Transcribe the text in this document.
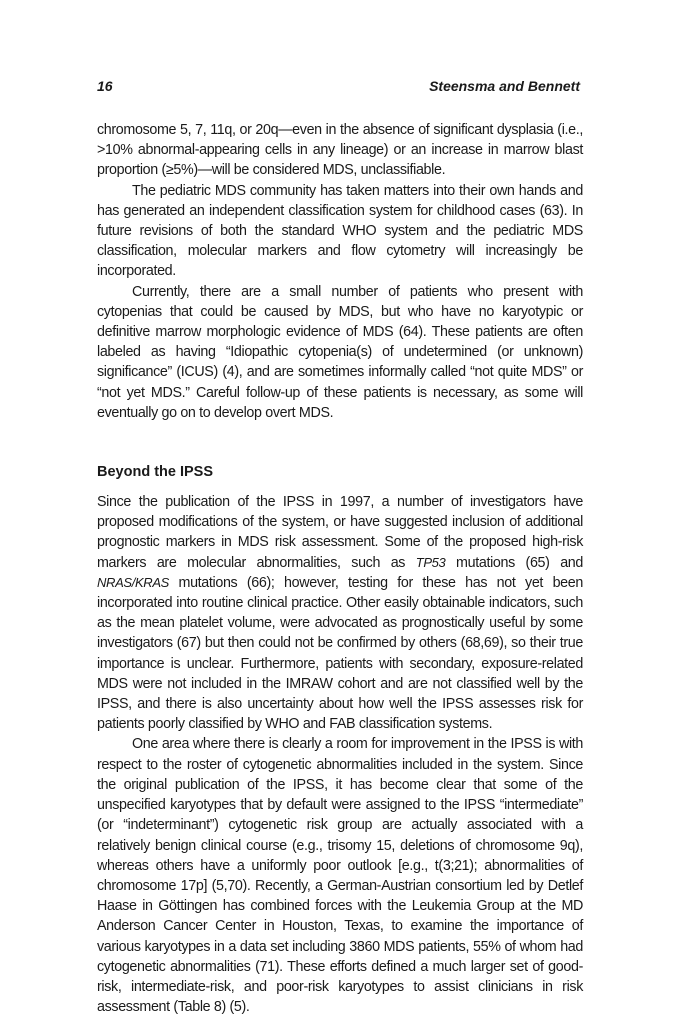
16	Steensma and Bennett

chromosome 5, 7, 11q, or 20q—even in the absence of significant dysplasia (i.e., >10% abnormal-appearing cells in any lineage) or an increase in marrow blast proportion (≥5%)—will be considered MDS, unclassifiable.

The pediatric MDS community has taken matters into their own hands and has generated an independent classification system for childhood cases (63). In future revisions of both the standard WHO system and the pediatric MDS classification, molecular markers and flow cytometry will increasingly be incorporated.

Currently, there are a small number of patients who present with cytopenias that could be caused by MDS, but who have no karyotypic or definitive marrow morphologic evidence of MDS (64). These patients are often labeled as having “Idiopathic cytopenia(s) of undetermined (or unknown) significance” (ICUS) (4), and are sometimes informally called “not quite MDS” or “not yet MDS.” Careful follow-up of these patients is necessary, as some will eventually go on to develop overt MDS.

Beyond the IPSS

Since the publication of the IPSS in 1997, a number of investigators have proposed modifications of the system, or have suggested inclusion of additional prognostic markers in MDS risk assessment. Some of the proposed high-risk markers are molecular abnormalities, such as TP53 mutations (65) and NRAS/KRAS mutations (66); however, testing for these has not yet been incorporated into routine clinical practice. Other easily obtainable indicators, such as the mean platelet volume, were advocated as prognostically useful by some investigators (67) but then could not be confirmed by others (68,69), so their true importance is unclear. Furthermore, patients with secondary, exposure-related MDS were not included in the IMRAW cohort and are not classified well by the IPSS, and there is also uncertainty about how well the IPSS assesses risk for patients poorly classified by WHO and FAB classification systems.

One area where there is clearly a room for improvement in the IPSS is with respect to the roster of cytogenetic abnormalities included in the system. Since the original publication of the IPSS, it has become clear that some of the unspecified karyotypes that by default were assigned to the IPSS “intermediate” (or “indeterminant”) cytogenetic risk group are actually associated with a relatively benign clinical course (e.g., trisomy 15, deletions of chromosome 9q), whereas others have a uniformly poor outlook [e.g., t(3;21); abnormalities of chromosome 17p] (5,70). Recently, a German-Austrian consortium led by Detlef Haase in Göttingen has combined forces with the Leukemia Group at the MD Anderson Cancer Center in Houston, Texas, to examine the importance of various karyotypes in a data set including 3860 MDS patients, 55% of whom had cytogenetic abnormalities (71). These efforts defined a much larger set of good-risk, intermediate-risk, and poor-risk karyotypes to assist clinicians in risk assessment (Table 8) (5).
